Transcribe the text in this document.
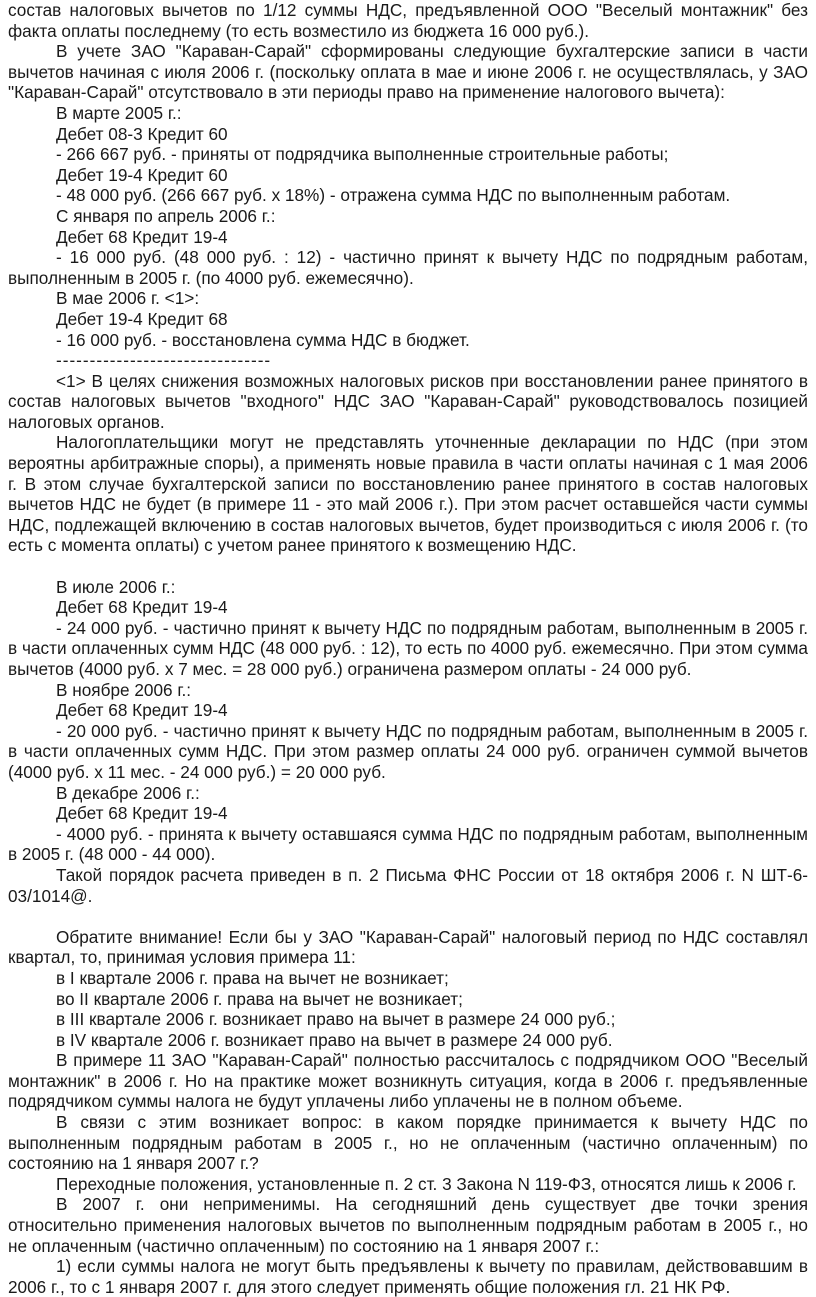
состав налоговых вычетов по 1/12 суммы НДС, предъявленной ООО "Веселый монтажник" без факта оплаты последнему (то есть возместило из бюджета 16 000 руб.).

В учете ЗАО "Караван-Сарай" сформированы следующие бухгалтерские записи в части вычетов начиная с июля 2006 г. (поскольку оплата в мае и июне 2006 г. не осуществлялась, у ЗАО "Караван-Сарай" отсутствовало в эти периоды право на применение налогового вычета):

В марте 2005 г.:

Дебет 08-3 Кредит 60

- 266 667 руб. - приняты от подрядчика выполненные строительные работы;

Дебет 19-4 Кредит 60

- 48 000 руб. (266 667 руб. x 18%) - отражена сумма НДС по выполненным работам.

С января по апрель 2006 г.:

Дебет 68 Кредит 19-4

- 16 000 руб. (48 000 руб. : 12) - частично принят к вычету НДС по подрядным работам, выполненным в 2005 г. (по 4000 руб. ежемесячно).

В мае 2006 г. <1>:

Дебет 19-4 Кредит 68

- 16 000 руб. - восстановлена сумма НДС в бюджет.

--------------------------------

<1> В целях снижения возможных налоговых рисков при восстановлении ранее принятого в состав налоговых вычетов "входного" НДС ЗАО "Караван-Сарай" руководствовалось позицией налоговых органов.

Налогоплательщики могут не представлять уточненные декларации по НДС (при этом вероятны арбитражные споры), а применять новые правила в части оплаты начиная с 1 мая 2006 г. В этом случае бухгалтерской записи по восстановлению ранее принятого в состав налоговых вычетов НДС не будет (в примере 11 - это май 2006 г.). При этом расчет оставшейся части суммы НДС, подлежащей включению в состав налоговых вычетов, будет производиться с июля 2006 г. (то есть с момента оплаты) с учетом ранее принятого к возмещению НДС.

В июле 2006 г.:

Дебет 68 Кредит 19-4

- 24 000 руб. - частично принят к вычету НДС по подрядным работам, выполненным в 2005 г. в части оплаченных сумм НДС (48 000 руб. : 12), то есть по 4000 руб. ежемесячно. При этом сумма вычетов (4000 руб. x 7 мес. = 28 000 руб.) ограничена размером оплаты - 24 000 руб.

В ноябре 2006 г.:

Дебет 68 Кредит 19-4

- 20 000 руб. - частично принят к вычету НДС по подрядным работам, выполненным в 2005 г. в части оплаченных сумм НДС. При этом размер оплаты 24 000 руб. ограничен суммой вычетов (4000 руб. x 11 мес. - 24 000 руб.) = 20 000 руб.

В декабре 2006 г.:

Дебет 68 Кредит 19-4

- 4000 руб. - принята к вычету оставшаяся сумма НДС по подрядным работам, выполненным в 2005 г. (48 000 - 44 000).

Такой порядок расчета приведен в п. 2 Письма ФНС России от 18 октября 2006 г. N ШТ-6-03/1014@.

Обратите внимание! Если бы у ЗАО "Караван-Сарай" налоговый период по НДС составлял квартал, то, принимая условия примера 11:

в I квартале 2006 г. права на вычет не возникает;

во II квартале 2006 г. права на вычет не возникает;

в III квартале 2006 г. возникает право на вычет в размере 24 000 руб.;

в IV квартале 2006 г. возникает право на вычет в размере 24 000 руб.

В примере 11 ЗАО "Караван-Сарай" полностью рассчиталось с подрядчиком ООО "Веселый монтажник" в 2006 г. Но на практике может возникнуть ситуация, когда в 2006 г. предъявленные подрядчиком суммы налога не будут уплачены либо уплачены не в полном объеме.

В связи с этим возникает вопрос: в каком порядке принимается к вычету НДС по выполненным подрядным работам в 2005 г., но не оплаченным (частично оплаченным) по состоянию на 1 января 2007 г.?

Переходные положения, установленные п. 2 ст. 3 Закона N 119-ФЗ, относятся лишь к 2006 г.

В 2007 г. они неприменимы. На сегодняшний день существует две точки зрения относительно применения налоговых вычетов по выполненным подрядным работам в 2005 г., но не оплаченным (частично оплаченным) по состоянию на 1 января 2007 г.:

1) если суммы налога не могут быть предъявлены к вычету по правилам, действовавшим в 2006 г., то с 1 января 2007 г. для этого следует применять общие положения гл. 21 НК РФ.
